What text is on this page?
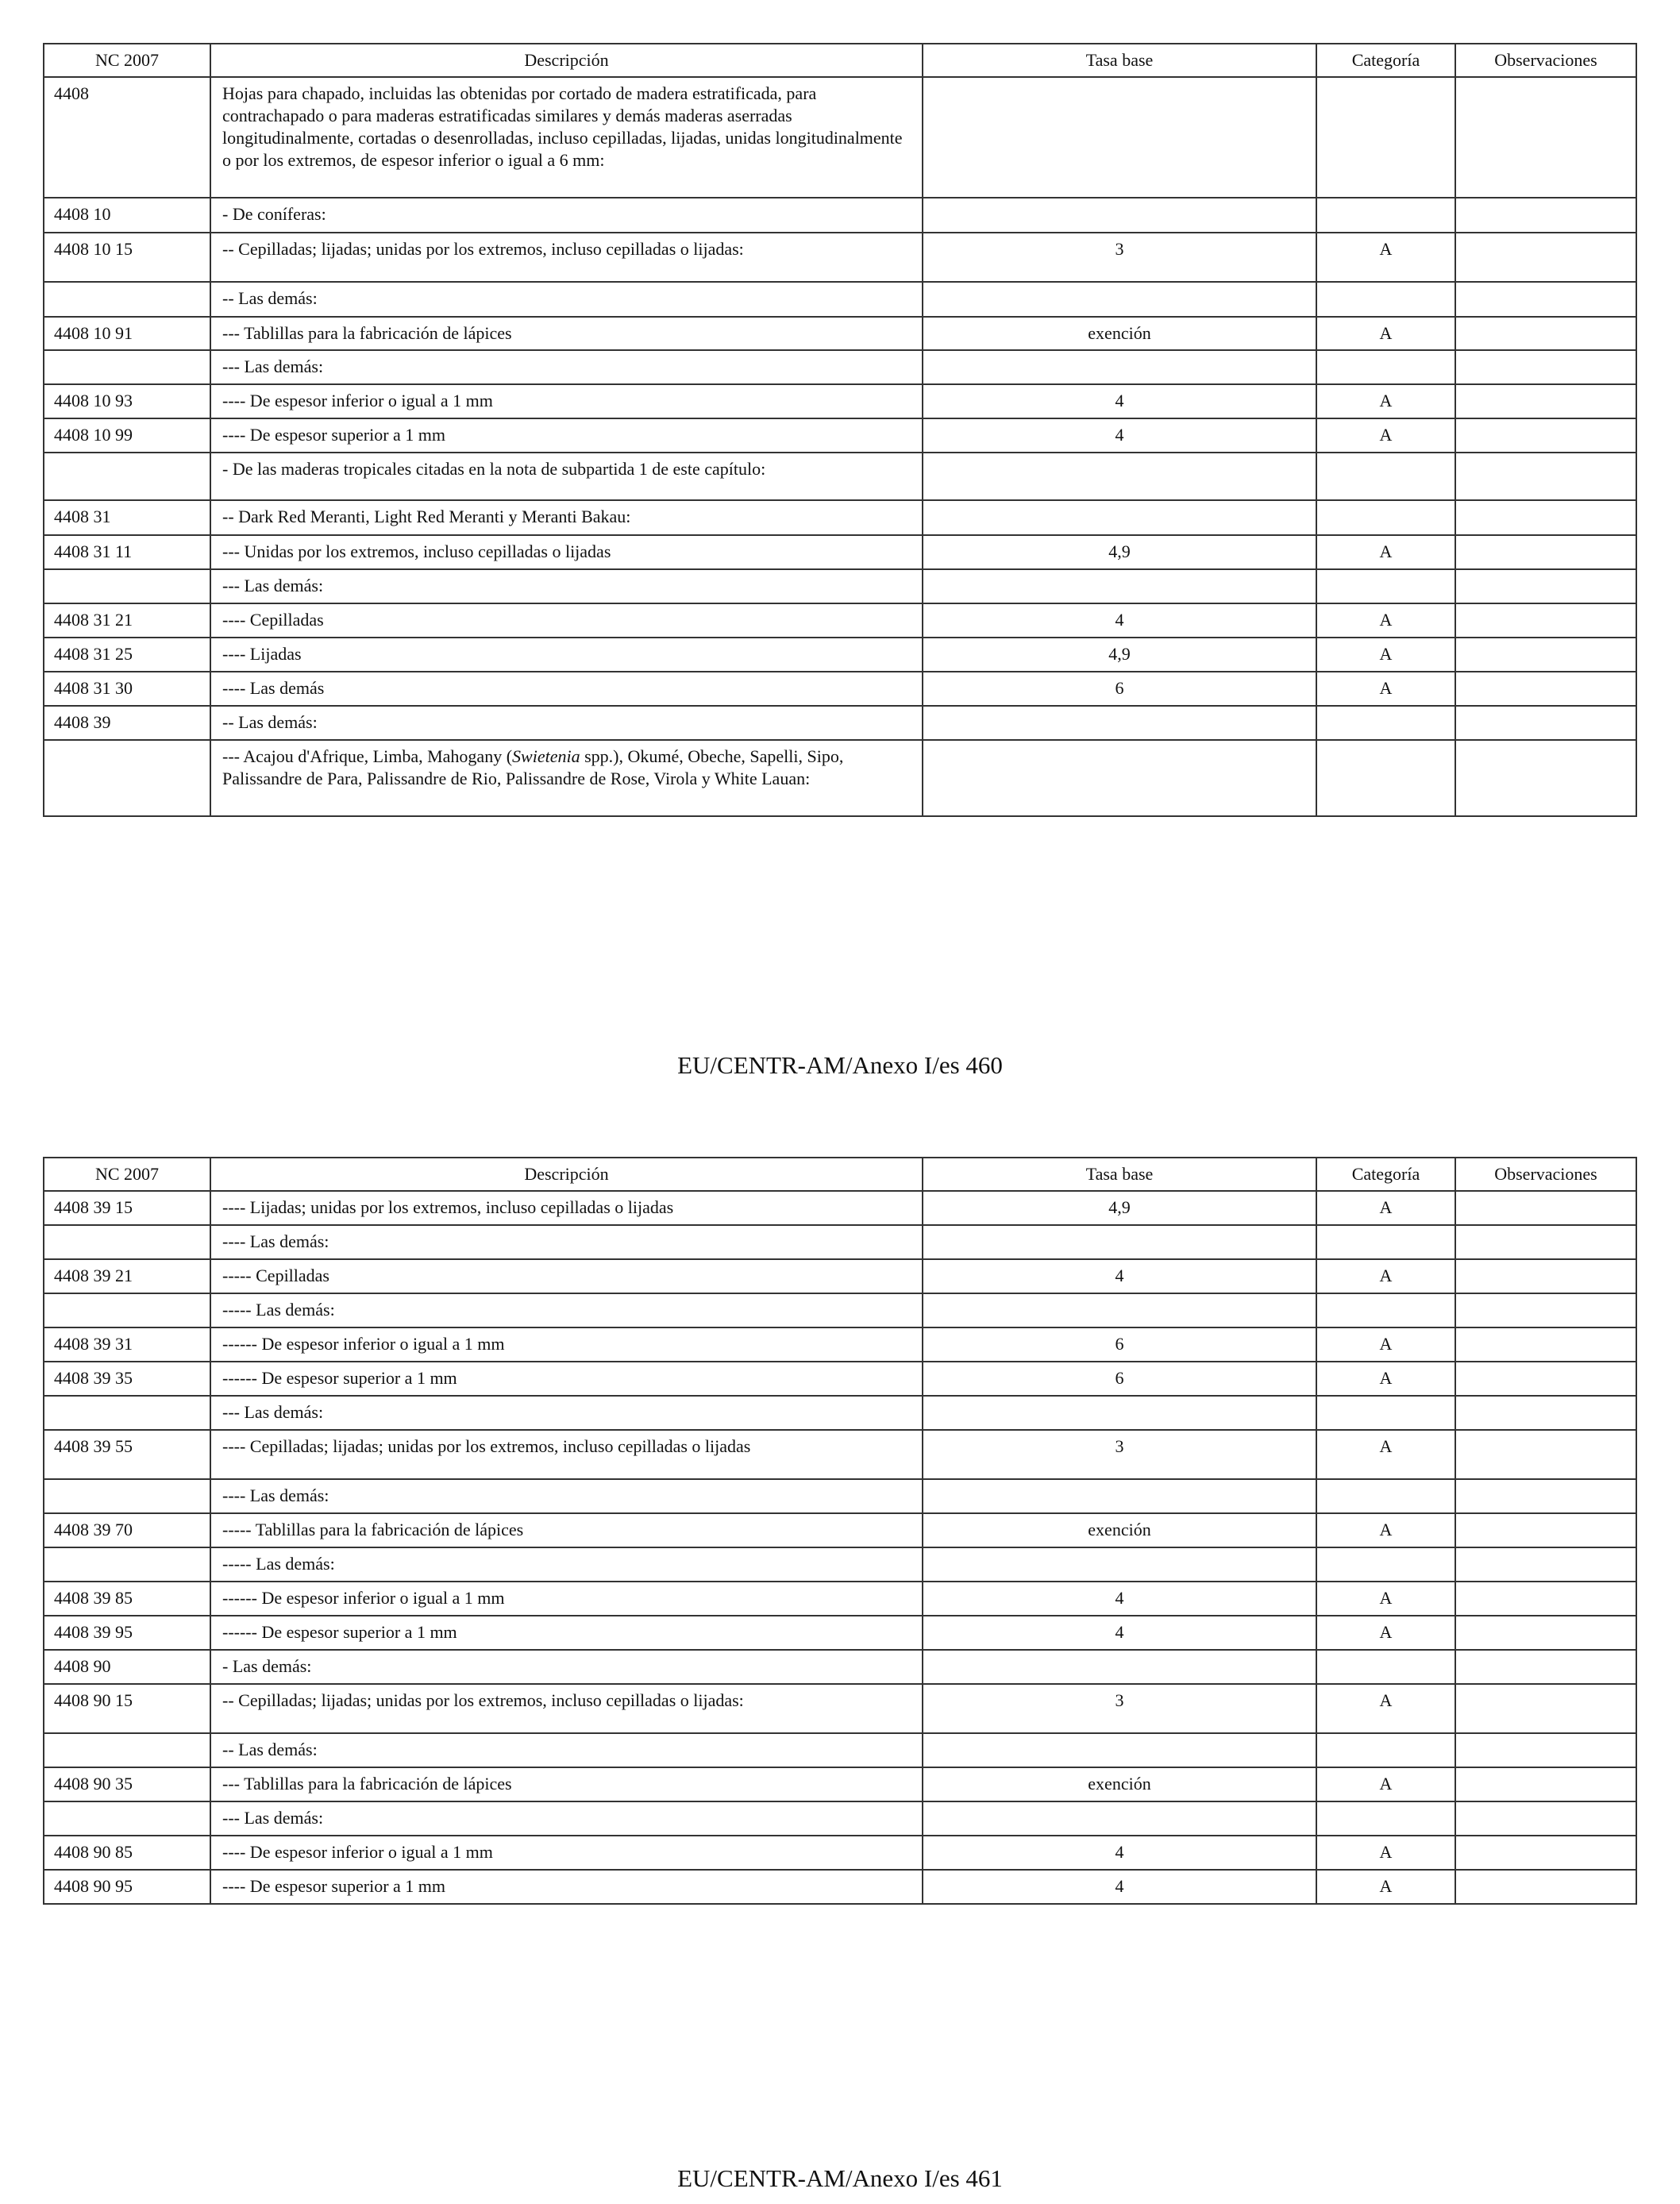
NC 2007	Descripción	Tasa base	Categoría	Observaciones
4408	Hojas para chapado, incluidas las obtenidas por cortado de madera estratificada, para contrachapado o para maderas estratificadas similares y demás maderas aserradas longitudinalmente, cortadas o desenrolladas, incluso cepilladas, lijadas, unidas longitudinalmente o por los extremos, de espesor inferior o igual a 6 mm:			
4408 10	- De coníferas:			
4408 10 15	-- Cepilladas; lijadas; unidas por los extremos, incluso cepilladas o lijadas:	3	A	
	-- Las demás:			
4408 10 91	--- Tablillas para la fabricación de lápices	exención	A	
	--- Las demás:			
4408 10 93	---- De espesor inferior o igual a 1 mm	4	A	
4408 10 99	---- De espesor superior a 1 mm	4	A	
	- De las maderas tropicales citadas en la nota de subpartida 1 de este capítulo:			
4408 31	-- Dark Red Meranti, Light Red Meranti y Meranti Bakau:			
4408 31 11	--- Unidas por los extremos, incluso cepilladas o lijadas	4,9	A	
	--- Las demás:			
4408 31 21	---- Cepilladas	4	A	
4408 31 25	---- Lijadas	4,9	A	
4408 31 30	---- Las demás	6	A	
4408 39	-- Las demás:			
	--- Acajou d'Afrique, Limba, Mahogany (Swietenia spp.), Okumé, Obeche, Sapelli, Sipo, Palissandre de Para, Palissandre de Rio, Palissandre de Rose, Virola y White Lauan:			
EU/CENTR-AM/Anexo I/es 460
NC 2007	Descripción	Tasa base	Categoría	Observaciones
4408 39 15	---- Lijadas; unidas por los extremos, incluso cepilladas o lijadas	4,9	A	
	---- Las demás:			
4408 39 21	----- Cepilladas	4	A	
	----- Las demás:			
4408 39 31	------ De espesor inferior o igual a 1 mm	6	A	
4408 39 35	------ De espesor superior a 1 mm	6	A	
	--- Las demás:			
4408 39 55	---- Cepilladas; lijadas; unidas por los extremos, incluso cepilladas o lijadas	3	A	
	---- Las demás:			
4408 39 70	----- Tablillas para la fabricación de lápices	exención	A	
	----- Las demás:			
4408 39 85	------ De espesor inferior o igual a 1 mm	4	A	
4408 39 95	------ De espesor superior a 1 mm	4	A	
4408 90	- Las demás:			
4408 90 15	-- Cepilladas; lijadas; unidas por los extremos, incluso cepilladas o lijadas:	3	A	
	-- Las demás:			
4408 90 35	--- Tablillas para la fabricación de lápices	exención	A	
	--- Las demás:			
4408 90 85	---- De espesor inferior o igual a 1 mm	4	A	
4408 90 95	---- De espesor superior a 1 mm	4	A	
EU/CENTR-AM/Anexo I/es 461
